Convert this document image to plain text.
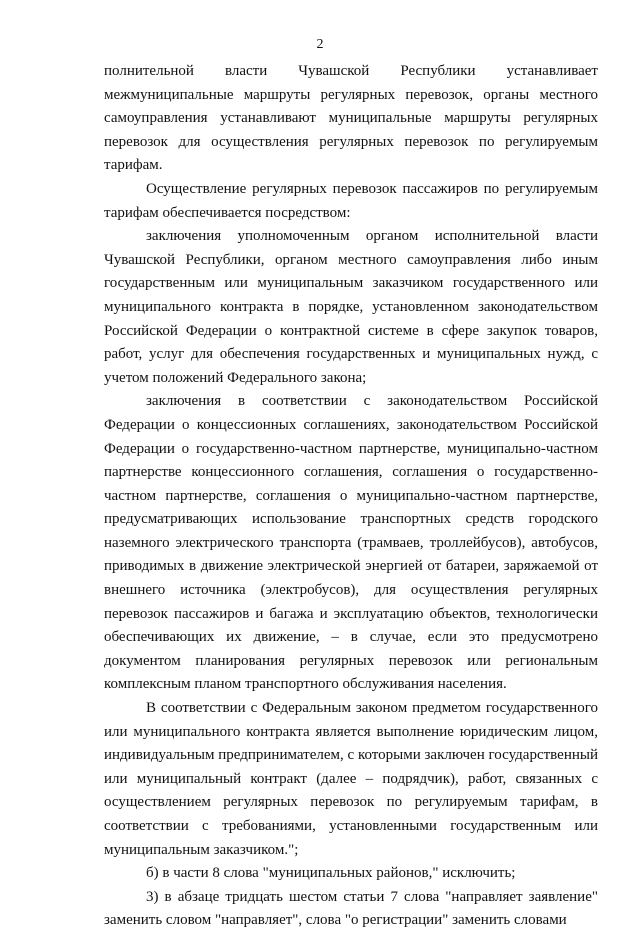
2

полнительной власти Чувашской Республики устанавливает межмуниципальные маршруты регулярных перевозок, органы местного самоуправления устанавливают муниципальные маршруты регулярных перевозок для осуществления регулярных перевозок по регулируемым тарифам.

Осуществление регулярных перевозок пассажиров по регулируемым тарифам обеспечивается посредством:

заключения уполномоченным органом исполнительной власти Чувашской Республики, органом местного самоуправления либо иным государственным или муниципальным заказчиком государственного или муниципального контракта в порядке, установленном законодательством Российской Федерации о контрактной системе в сфере закупок товаров, работ, услуг для обеспечения государственных и муниципальных нужд, с учетом положений Федерального закона;

заключения в соответствии с законодательством Российской Федерации о концессионных соглашениях, законодательством Российской Федерации о государственно-частном партнерстве, муниципально-частном партнерстве концессионного соглашения, соглашения о государственно-частном партнерстве, соглашения о муниципально-частном партнерстве, предусматривающих использование транспортных средств городского наземного электрического транспорта (трамваев, троллейбусов), автобусов, приводимых в движение электрической энергией от батареи, заряжаемой от внешнего источника (электробусов), для осуществления регулярных перевозок пассажиров и багажа и эксплуатацию объектов, технологически обеспечивающих их движение, – в случае, если это предусмотрено документом планирования регулярных перевозок или региональным комплексным планом транспортного обслуживания населения.

В соответствии с Федеральным законом предметом государственного или муниципального контракта является выполнение юридическим лицом, индивидуальным предпринимателем, с которыми заключен государственный или муниципальный контракт (далее – подрядчик), работ, связанных с осуществлением регулярных перевозок по регулируемым тарифам, в соответствии с требованиями, установленными государственным или муниципальным заказчиком.";

б) в части 8 слова "муниципальных районов," исключить;

3) в абзаце тридцать шестом статьи 7 слова "направляет заявление" заменить словом "направляет", слова "о регистрации" заменить словами
